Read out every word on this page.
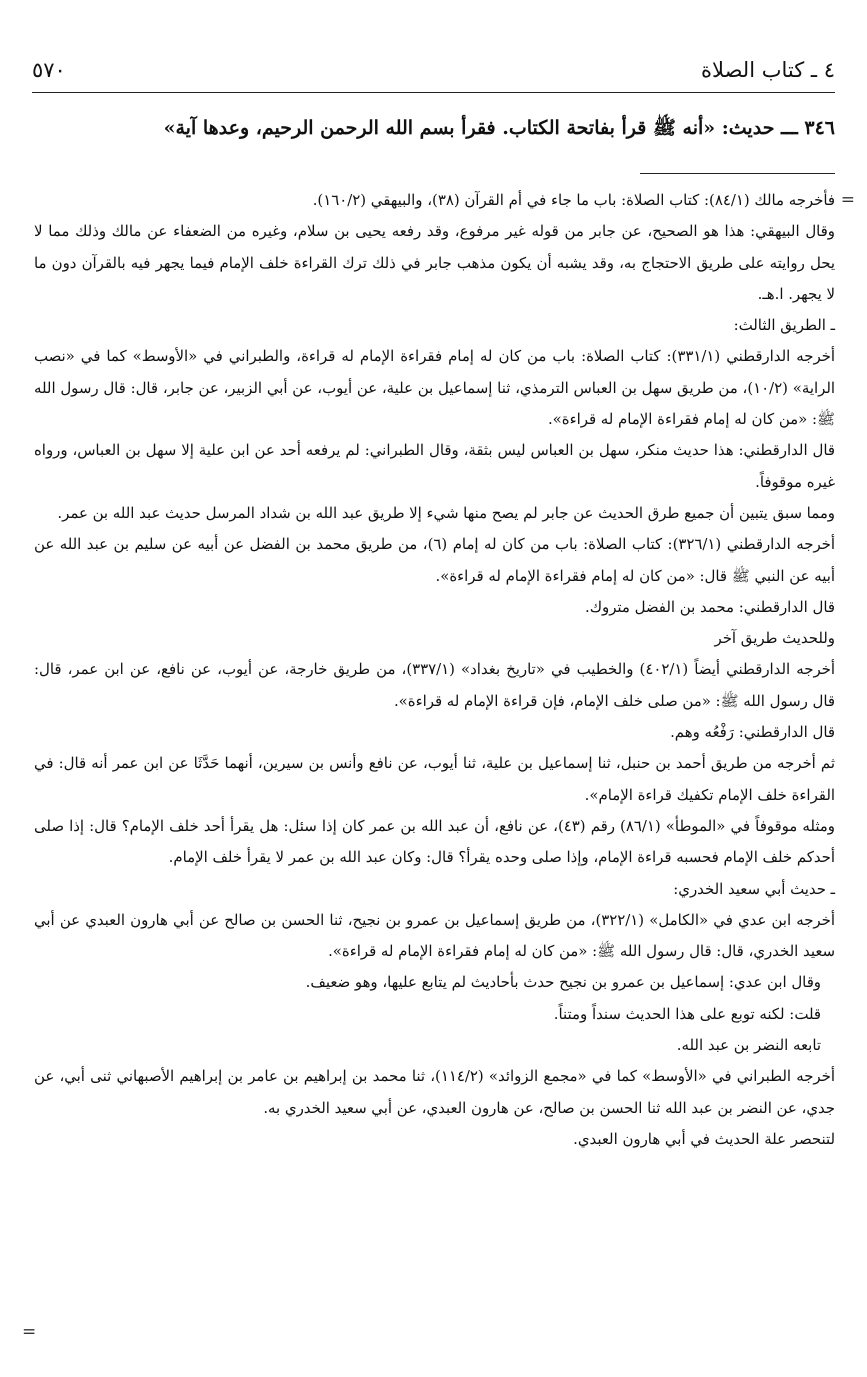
٤ ـ كتاب الصلاة
٥٧٠
٣٤٦ ـــ حديث: «أنه ﷺ قرأ بفاتحة الكتاب. فقرأ بسم الله الرحمن الرحيم، وعدها آية»
=
=

فأخرجه مالك (٨٤/١): كتاب الصلاة: باب ما جاء في أم القرآن (٣٨)، والبيهقي (١٦٠/٢).

وقال البيهقي: هذا هو الصحيح، عن جابر من قوله غير مرفوع، وقد رفعه يحيى بن سلام، وغيره من الضعفاء عن مالك وذلك مما لا يحل روايته على طريق الاحتجاج به، وقد يشبه أن يكون مذهب جابر في ذلك ترك القراءة خلف الإمام فيما يجهر فيه بالقرآن دون ما لا يجهر. ا.هـ.

ـ الطريق الثالث:

أخرجه الدارقطني (٣٣١/١): كتاب الصلاة: باب من كان له إمام فقراءة الإمام له قراءة، والطبراني في «الأوسط» كما في «نصب الراية» (١٠/٢)، من طريق سهل بن العباس الترمذي، ثنا إسماعيل بن علية، عن أيوب، عن أبي الزبير، عن جابر، قال: قال رسول الله ﷺ: «من كان له إمام فقراءة الإمام له قراءة».

قال الدارقطني: هذا حديث منكر، سهل بن العباس ليس بثقة، وقال الطبراني: لم يرفعه أحد عن ابن علية إلا سهل بن العباس، ورواه غيره موقوفاً.

ومما سبق يتبين أن جميع طرق الحديث عن جابر لم يصح منها شيء إلا طريق عبد الله بن شداد المرسل حديث عبد الله بن عمر.

أخرجه الدارقطني (٣٢٦/١): كتاب الصلاة: باب من كان له إمام (٦)، من طريق محمد بن الفضل عن أبيه عن سليم بن عبد الله عن أبيه عن النبي ﷺ قال: «من كان له إمام فقراءة الإمام له قراءة».

قال الدارقطني: محمد بن الفضل متروك.

وللحديث طريق آخر

أخرجه الدارقطني أيضاً (٤٠٢/١) والخطيب في «تاريخ بغداد» (٣٣٧/١)، من طريق خارجة، عن أيوب، عن نافع، عن ابن عمر، قال: قال رسول الله ﷺ: «من صلى خلف الإمام، فإن قراءة الإمام له قراءة».

قال الدارقطني: رَفْعُه وهم.

ثم أخرجه من طريق أحمد بن حنبل، ثنا إسماعيل بن علية، ثنا أيوب، عن نافع وأنس بن سيرين، أنهما حَدَّثَا عن ابن عمر أنه قال: في القراءة خلف الإمام تكفيك قراءة الإمام».

ومثله موقوفاً في «الموطأ» (٨٦/١) رقم (٤٣)، عن نافع، أن عبد الله بن عمر كان إذا سئل: هل يقرأ أحد خلف الإمام؟ قال: إذا صلى أحدكم خلف الإمام فحسبه قراءة الإمام، وإذا صلى وحده يقرأ؟ قال: وكان عبد الله بن عمر لا يقرأ خلف الإمام.

ـ حديث أبي سعيد الخدري:

أخرجه ابن عدي في «الكامل» (٣٢٢/١)، من طريق إسماعيل بن عمرو بن نجيح، ثنا الحسن بن صالح عن أبي هارون العبدي عن أبي سعيد الخدري، قال: قال رسول الله ﷺ: «من كان له إمام فقراءة الإمام له قراءة».

وقال ابن عدي: إسماعيل بن عمرو بن نجيح حدث بأحاديث لم يتابع عليها، وهو ضعيف.

قلت: لكنه توبع على هذا الحديث سنداً ومتناً.

تابعه النضر بن عبد الله.

أخرجه الطبراني في «الأوسط» كما في «مجمع الزوائد» (١١٤/٢)، ثنا محمد بن إبراهيم بن عامر بن إبراهيم الأصبهاني ثنى أبي، عن جدي، عن النضر بن عبد الله ثنا الحسن بن صالح، عن هارون العبدي، عن أبي سعيد الخدري به.

لتنحصر علة الحديث في أبي هارون العبدي.
